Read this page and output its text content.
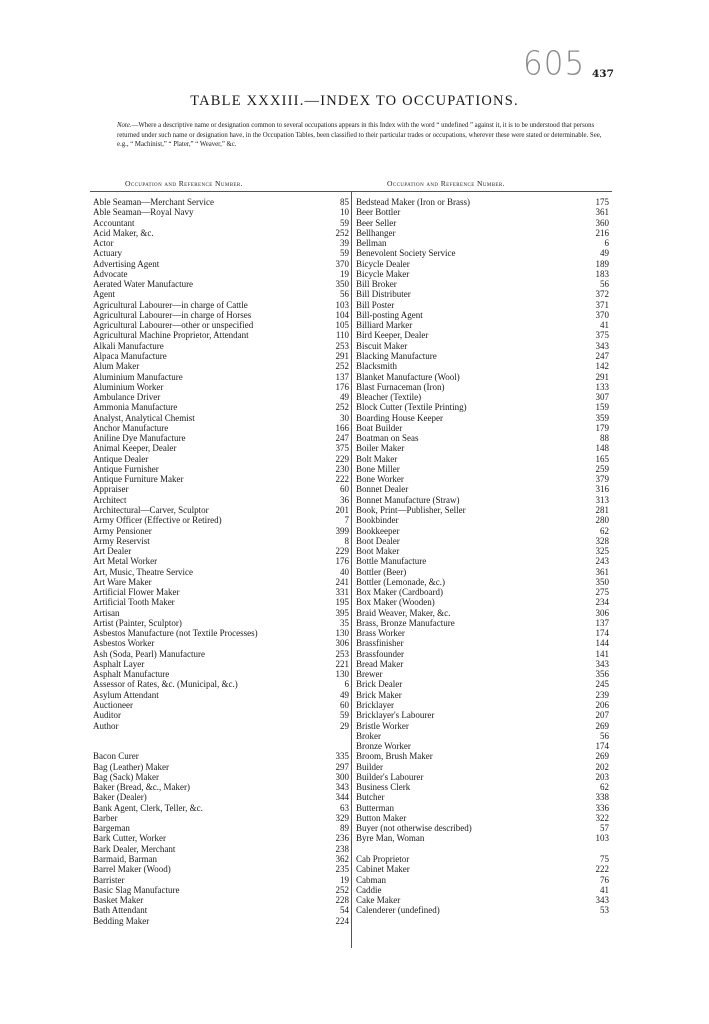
605 437
TABLE XXXIII.—INDEX TO OCCUPATIONS.
Note.—Where a descriptive name or designation common to several occupations appears in this Index with the word “ undefined ” against it, it is to be understood that persons returned under such name or designation have, in the Occupation Tables, been classified to their particular trades or occupations, wherever these were stated or determinable. See, e.g., “ Machinist,” “ Plater,” “ Weaver,” &c.
Occupation and Reference Number.	Occupation and Reference Number.
Able Seaman—Merchant Service	85
Able Seaman—Royal Navy	10
Accountant	59
Acid Maker, &c.	252
Actor	39
Actuary	59
Advertising Agent	370
Advocate	19
Aerated Water Manufacture	350
Agent	56
Agricultural Labourer—in charge of Cattle	103
Agricultural Labourer—in charge of Horses	104
Agricultural Labourer—other or unspecified	105
Agricultural Machine Proprietor, Attendant	110
Alkali Manufacture	253
Alpaca Manufacture	291
Alum Maker	252
Aluminium Manufacture	137
Aluminium Worker	176
Ambulance Driver	49
Ammonia Manufacture	252
Analyst, Analytical Chemist	30
Anchor Manufacture	166
Aniline Dye Manufacture	247
Animal Keeper, Dealer	375
Antique Dealer	229
Antique Furnisher	230
Antique Furniture Maker	222
Appraiser	60
Architect	36
Architectural—Carver, Sculptor	201
Army Officer (Effective or Retired)	7
Army Pensioner	399
Army Reservist	8
Art Dealer	229
Art Metal Worker	176
Art, Music, Theatre Service	40
Art Ware Maker	241
Artificial Flower Maker	331
Artificial Tooth Maker	195
Artisan	395
Artist (Painter, Sculptor)	35
Asbestos Manufacture (not Textile Processes)	130
Asbestos Worker	306
Ash (Soda, Pearl) Manufacture	253
Asphalt Layer	221
Asphalt Manufacture	130
Assessor of Rates, &c. (Municipal, &c.)	6
Asylum Attendant	49
Auctioneer	60
Auditor	59
Author	29
Bacon Curer	335
Bag (Leather) Maker	297
Bag (Sack) Maker	300
Baker (Bread, &c., Maker)	343
Baker (Dealer)	344
Bank Agent, Clerk, Teller, &c.	63
Barber	329
Bargeman	89
Bark Cutter, Worker	236
Bark Dealer, Merchant	238
Barmaid, Barman	362
Barrel Maker (Wood)	235
Barrister	19
Basic Slag Manufacture	252
Basket Maker	228
Bath Attendant	54
Bedding Maker	224
Bedstead Maker (Iron or Brass)	175
Beer Bottler	361
Beer Seller	360
Bellhanger	216
Bellman	6
Benevolent Society Service	49
Bicycle Dealer	189
Bicycle Maker	183
Bill Broker	56
Bill Distributer	372
Bill Poster	371
Bill-posting Agent	370
Billiard Marker	41
Bird Keeper, Dealer	375
Biscuit Maker	343
Blacking Manufacture	247
Blacksmith	142
Blanket Manufacture (Wool)	291
Blast Furnaceman (Iron)	133
Bleacher (Textile)	307
Block Cutter (Textile Printing)	159
Boarding House Keeper	359
Boat Builder	179
Boatman on Seas	88
Boiler Maker	148
Bolt Maker	165
Bone Miller	259
Bone Worker	379
Bonnet Dealer	316
Bonnet Manufacture (Straw)	313
Book, Print—Publisher, Seller	281
Bookbinder	280
Bookkeeper	62
Boot Dealer	328
Boot Maker	325
Bottle Manufacture	243
Bottler (Beer)	361
Bottler (Lemonade, &c.)	350
Box Maker (Cardboard)	275
Box Maker (Wooden)	234
Braid Weaver, Maker, &c.	306
Brass, Bronze Manufacture	137
Brass Worker	174
Brassfinisher	144
Brassfounder	141
Bread Maker	343
Brewer	356
Brick Dealer	245
Brick Maker	239
Bricklayer	206
Bricklayer's Labourer	207
Bristle Worker	269
Broker	56
Bronze Worker	174
Broom, Brush Maker	269
Builder	202
Builder's Labourer	203
Business Clerk	62
Butcher	338
Butterman	336
Button Maker	322
Buyer (not otherwise described)	57
Byre Man, Woman	103
Cab Proprietor	75
Cabinet Maker	222
Cabman	76
Caddie	41
Cake Maker	343
Calenderer (undefined)	53
